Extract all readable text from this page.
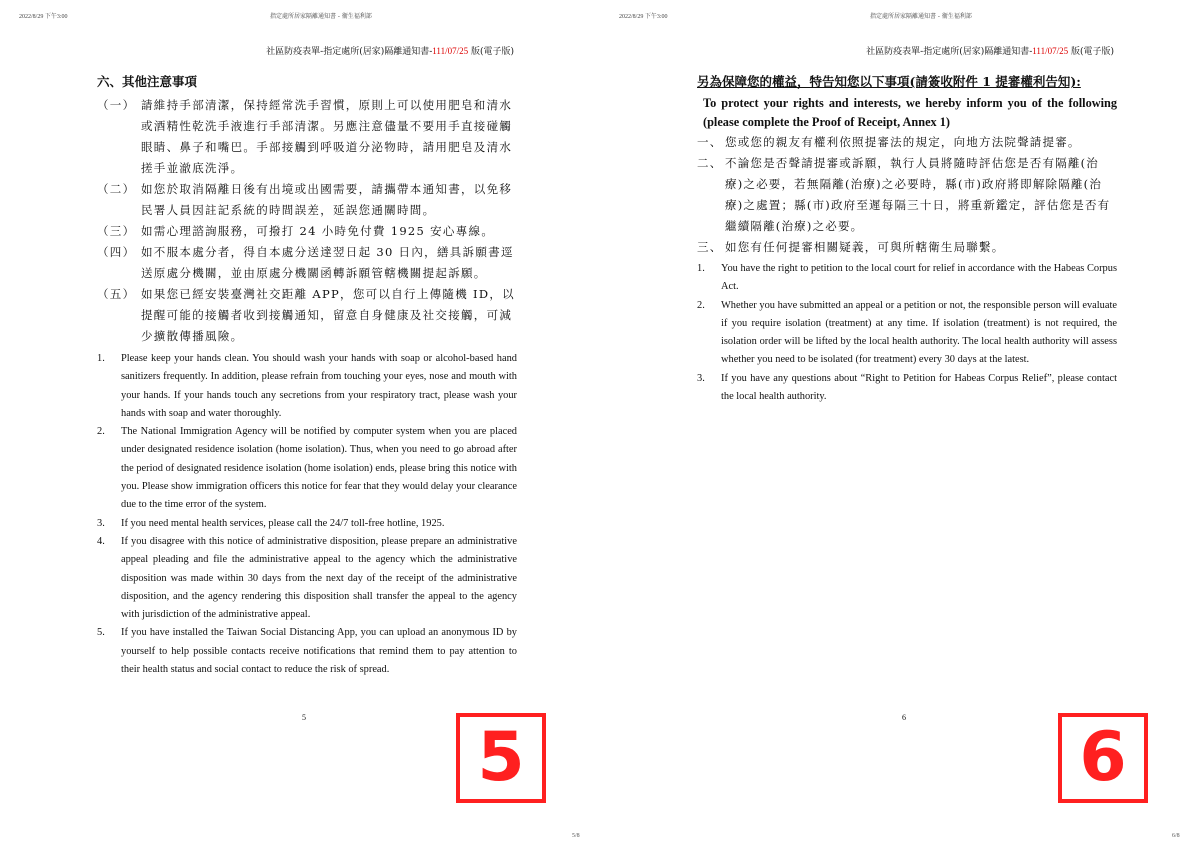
2022/8/29 下午3:00	指定處所居家隔離通知書 - 衛生福利部
社區防疫表單-指定處所(居家)隔離通知書-111/07/25 版(電子版)
六、其他注意事項
（一） 請維持手部清潔，保持經常洗手習慣，原則上可以使用肥皂和清水或酒精性乾洗手液進行手部清潔。另應注意儘量不要用手直接碰觸眼睛、鼻子和嘴巴。手部接觸到呼吸道分泌物時，請用肥皂及清水搓手並澈底洗淨。
（二） 如您於取消隔離日後有出境或出國需要，請攜帶本通知書，以免移民署人員因註記系統的時間誤差，延誤您通關時間。
（三） 如需心理諮詢服務，可撥打 24 小時免付費 1925 安心專線。
（四） 如不服本處分者，得自本處分送達翌日起 30 日內，繕具訴願書逕送原處分機關，並由原處分機關函轉訴願管轄機關提起訴願。
（五） 如果您已經安裝臺灣社交距離 APP，您可以自行上傳隨機 ID，以提醒可能的接觸者收到接觸通知，留意自身健康及社交接觸，可減少擴散傳播風險。
1.	Please keep your hands clean. You should wash your hands with soap or alcohol-based hand sanitizers frequently. In addition, please refrain from touching your eyes, nose and mouth with your hands. If your hands touch any secretions from your respiratory tract, please wash your hands with soap and water thoroughly.
2.	The National Immigration Agency will be notified by computer system when you are placed under designated residence isolation (home isolation). Thus, when you need to go abroad after the period of designated residence isolation (home isolation) ends, please bring this notice with you. Please show immigration officers this notice for fear that they would delay your clearance due to the time error of the system.
3.	If you need mental health services, please call the 24/7 toll-free hotline, 1925.
4.	If you disagree with this notice of administrative disposition, please prepare an administrative appeal pleading and file the administrative appeal to the agency which the administrative disposition was made within 30 days from the next day of the receipt of the administrative disposition, and the agency rendering this disposition shall transfer the appeal to the agency with jurisdiction of the administrative appeal.
5.	If you have installed the Taiwan Social Distancing App, you can upload an anonymous ID by yourself to help possible contacts receive notifications that remind them to pay attention to their health status and social contact to reduce the risk of spread.
5
5
5/8
2022/8/29 下午3:00	指定處所居家隔離通知書 - 衛生福利部
社區防疫表單-指定處所(居家)隔離通知書-111/07/25 版(電子版)
另為保障您的權益，特告知您以下事項(請簽收附件 1 提審權利告知):
To protect your rights and interests, we hereby inform you of the following (please complete the Proof of Receipt, Annex 1)
一、 您或您的親友有權利依照提審法的規定，向地方法院聲請提審。
二、 不論您是否聲請提審或訴願，執行人員將隨時評估您是否有隔離(治療)之必要，若無隔離(治療)之必要時，縣(市)政府將即解除隔離(治療)之處置；縣(市)政府至遲每隔三十日，將重新鑑定，評估您是否有繼續隔離(治療)之必要。
三、 如您有任何提審相關疑義，可與所轄衛生局聯繫。
1.	You have the right to petition to the local court for relief in accordance with the Habeas Corpus Act.
2.	Whether you have submitted an appeal or a petition or not, the responsible person will evaluate if you require isolation (treatment) at any time. If isolation (treatment) is not required, the isolation order will be lifted by the local health authority. The local health authority will assess whether you need to be isolated (for treatment) every 30 days at the latest.
3.	If you have any questions about “Right to Petition for Habeas Corpus Relief”, please contact the local health authority.
6
6
6/8
